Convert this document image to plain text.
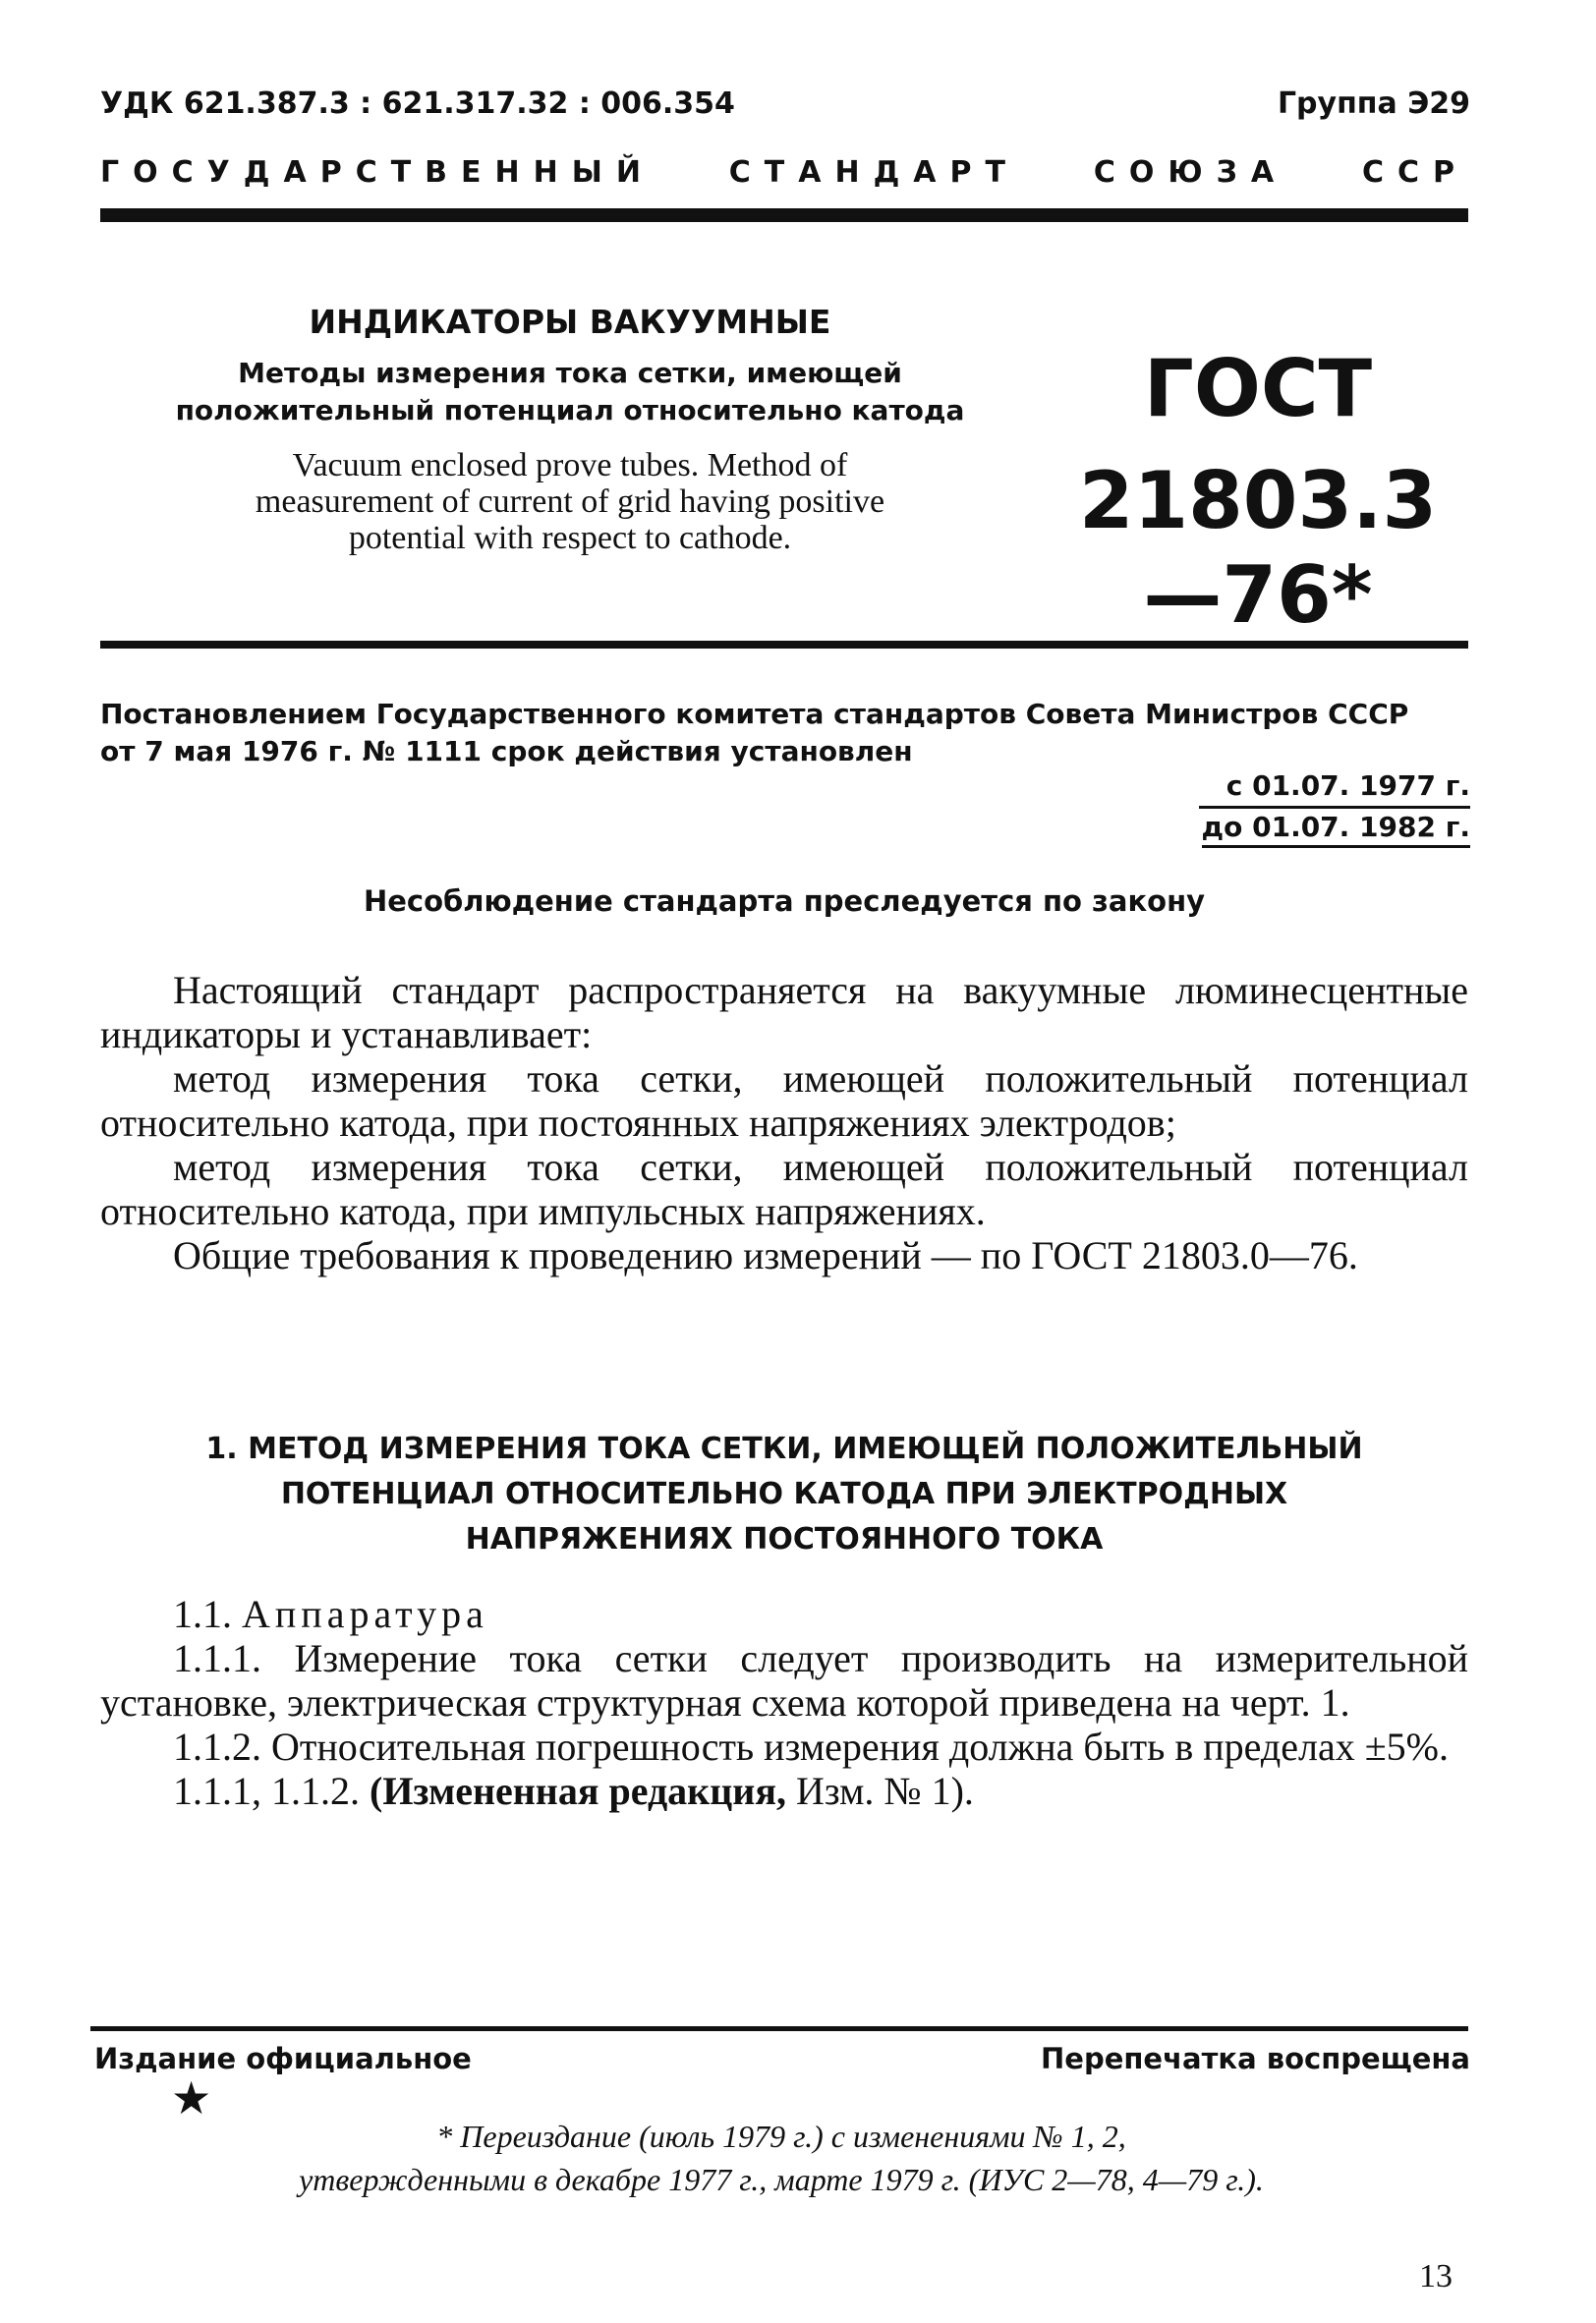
УДК 621.387.3 : 621.317.32 : 006.354	Группа Э29
ГОСУДАРСТВЕННЫЙ	СТАНДАРТ	СОЮЗА	ССР
ИНДИКАТОРЫ ВАКУУМНЫЕ
Методы измерения тока сетки, имеющей
положительный потенциал относительно катода
Vacuum enclosed prove tubes. Method of
measurement of current of grid having positive
potential with respect to cathode.
ГОСТ
21803.3—76*
Постановлением Государственного комитета стандартов Совета Министров СССР
от 7 мая 1976 г. № 1111 срок действия установлен
с 01.07. 1977 г.
до 01.07. 1982 г.
Несоблюдение стандарта преследуется по закону

Настоящий стандарт распространяется на вакуумные люминесцентные индикаторы и устанавливает:

метод измерения тока сетки, имеющей положительный потенциал относительно катода, при постоянных напряжениях электродов;

метод измерения тока сетки, имеющей положительный потенциал относительно катода, при импульсных напряжениях.

Общие требования к проведению измерений — по ГОСТ 21803.0—76.

1. МЕТОД ИЗМЕРЕНИЯ ТОКА СЕТКИ, ИМЕЮЩЕЙ ПОЛОЖИТЕЛЬНЫЙ
ПОТЕНЦИАЛ ОТНОСИТЕЛЬНО КАТОДА ПРИ ЭЛЕКТРОДНЫХ
НАПРЯЖЕНИЯХ ПОСТОЯННОГО ТОКА

1.1. Аппаратура

1.1.1. Измерение тока сетки следует производить на измерительной установке, электрическая структурная схема которой приведена на черт. 1.

1.1.2. Относительная погрешность измерения должна быть в пределах ±5%.

1.1.1, 1.1.2. (Измененная редакция, Изм. № 1).

Издание официальное	Перепечатка воспрещена
★
* Переиздание (июль 1979 г.) с изменениями № 1, 2,
утвержденными в декабре 1977 г., марте 1979 г. (ИУС 2—78, 4—79 г.).
13
